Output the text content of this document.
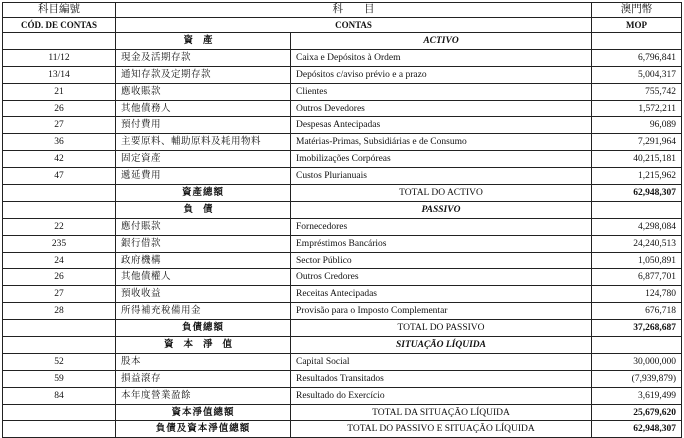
科目編號	科　　目		澳門幣
CÓD. DE CONTAS	CONTAS		MOP
	資產	ACTIVO	
11/12	現金及活期存款	Caixa e Depósitos à Ordem	6,796,841
13/14	通知存款及定期存款	Depósitos c/aviso prévio e a prazo	5,004,317
21	應收賬款	Clientes	755,742
26	其他債務人	Outros Devedores	1,572,211
27	預付費用	Despesas Antecipadas	96,089
36	主要原料、輔助原料及耗用物料	Matérias-Primas, Subsidiárias e de Consumo	7,291,964
42	固定資產	Imobilizações Corpóreas	40,215,181
47	遞延費用	Custos Plurianuais	1,215,962
	資產總額	TOTAL DO ACTIVO	62,948,307
	負債	PASSIVO	
22	應付賬款	Fornecedores	4,298,084
235	銀行借款	Empréstimos Bancários	24,240,513
24	政府機構	Sector Público	1,050,891
26	其他債權人	Outros Credores	6,877,701
27	預收收益	Receitas Antecipadas	124,780
28	所得補充稅備用金	Provisão para o Imposto Complementar	676,718
	負債總額	TOTAL DO PASSIVO	37,268,687
	資本淨值	SITUAÇÃO LÍQUIDA	
52	股本	Capital Social	30,000,000
59	損益滾存	Resultados Transitados	(7,939,879)
84	本年度營業盈餘	Resultado do Exercício	3,619,499
	資本淨值總額	TOTAL DA SITUAÇÃO LÍQUIDA	25,679,620
	負債及資本淨值總額	TOTAL DO PASSIVO E SITUAÇÃO LÍQUIDA	62,948,307
